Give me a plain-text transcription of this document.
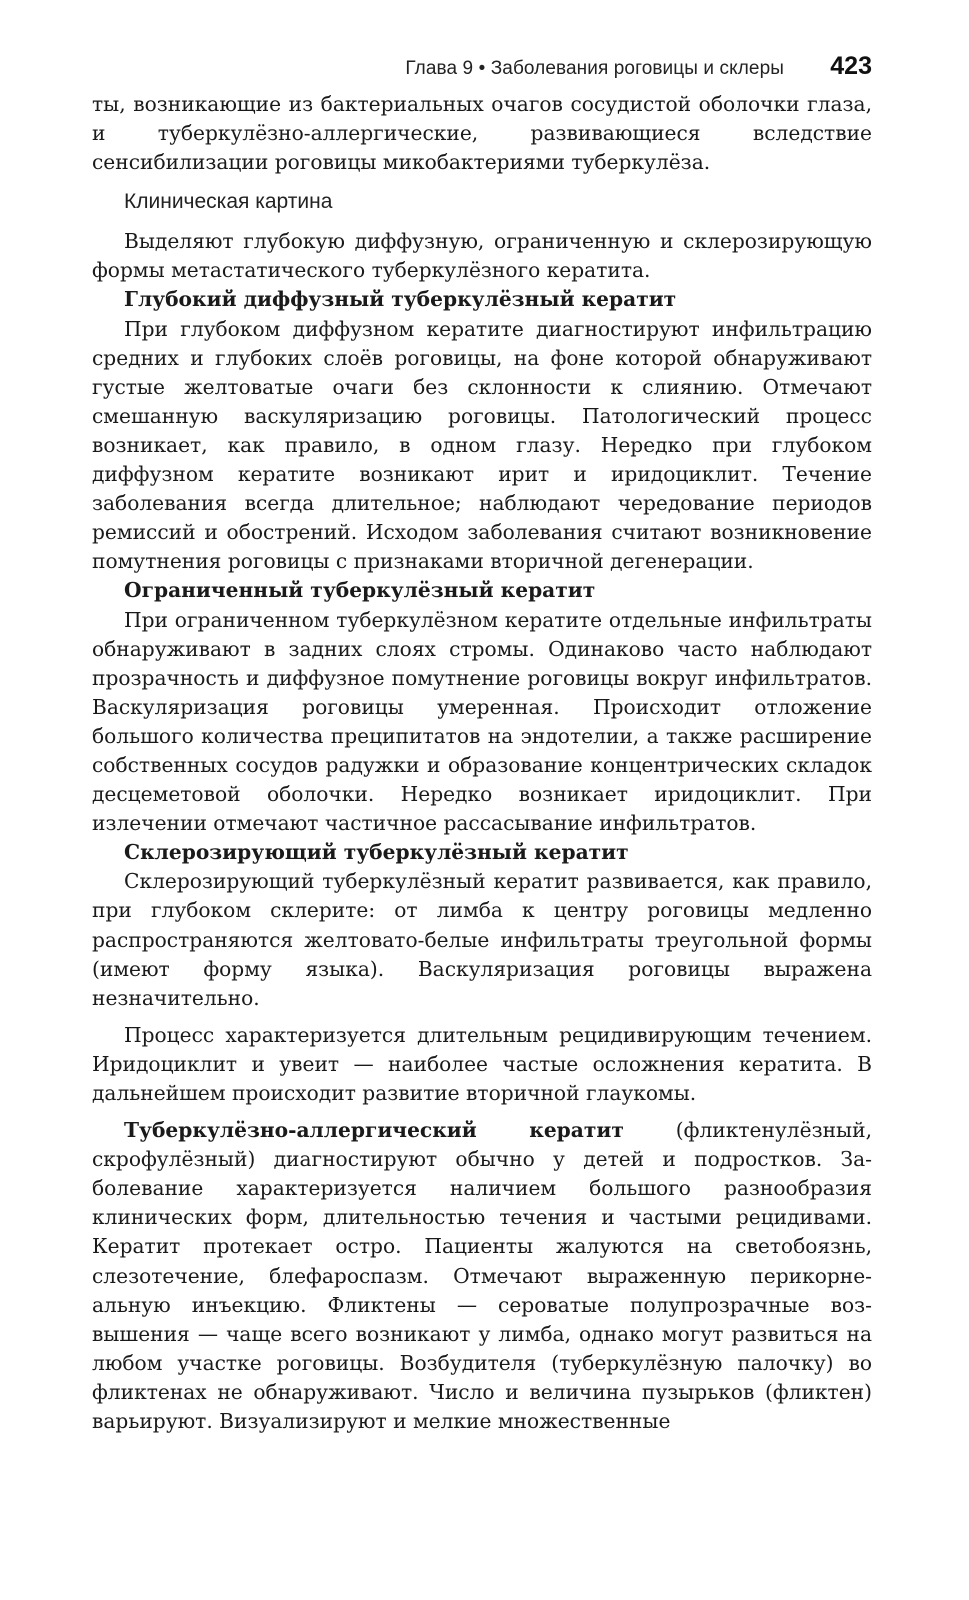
Глава 9 • Заболевания роговицы и склеры 423

ты, возникающие из бактериальных очагов сосудистой оболочки глаза, и туберкулёзно-аллергические, развивающиеся вследствие сенсибилизации роговицы микобактериями туберкулёза.

Клиническая картина

Выделяют глубокую диффузную, ограниченную и склерозирующую формы метастатического туберкулёзного кератита.

Глубокий диффузный туберкулёзный кератит

При глубоком диффузном кератите диагностируют инфильтрацию средних и глубоких слоёв роговицы, на фоне которой обнаруживают густые желтоватые очаги без склонности к слиянию. Отмечают смешанную васкуляризацию роговицы. Патологический процесс возникает, как правило, в одном глазу. Нередко при глубоком диффузном кератите возникают ирит и иридоциклит. Течение заболевания всегда длительное; наблюдают чередование периодов ремиссий и обострений. Исходом заболевания считают возникновение помутнения роговицы с признаками вторичной дегенерации.

Ограниченный туберкулёзный кератит

При ограниченном туберкулёзном кератите отдельные инфильтраты обнаруживают в задних слоях стромы. Одинаково часто наблюдают прозрачность и диффузное помутнение роговицы вокруг инфильтратов. Васкуляризация роговицы умеренная. Происходит отложение большого количества преципитатов на эндотелии, а также расширение собственных сосудов радужки и образование концентрических складок десцеметовой оболочки. Нередко возникает иридоциклит. При излечении отмечают частичное рассасывание инфильтратов.

Склерозирующий туберкулёзный кератит

Склерозирующий туберкулёзный кератит развивается, как правило, при глубоком склерите: от лимба к центру роговицы медленно распространяются желтовато-белые инфильтраты треугольной формы (имеют форму языка). Васкуляризация роговицы выражена незначительно.

Процесс характеризуется длительным рецидивирующим течением. Иридоциклит и увеит — наиболее частые осложнения кератита. В дальнейшем происходит развитие вторичной глаукомы.

Туберкулёзно-аллергический кератит (фликтенулёзный, скрофулёзный) диагностируют обычно у детей и подростков. Заболевание характеризуется наличием большого разнообразия клинических форм, длительностью течения и частыми рецидивами. Кератит протекает остро. Пациенты жалуются на светобоязнь, слезотечение, блефароспазм. Отмечают выраженную перикорнеальную инъекцию. Фликтены — сероватые полупрозрачные возвышения — чаще всего возникают у лимба, однако могут развиться на любом участке роговицы. Возбудителя (туберкулёзную палочку) во фликтенах не обнаруживают. Число и величина пузырьков (фликтен) варьируют. Визуализируют и мелкие множественные
